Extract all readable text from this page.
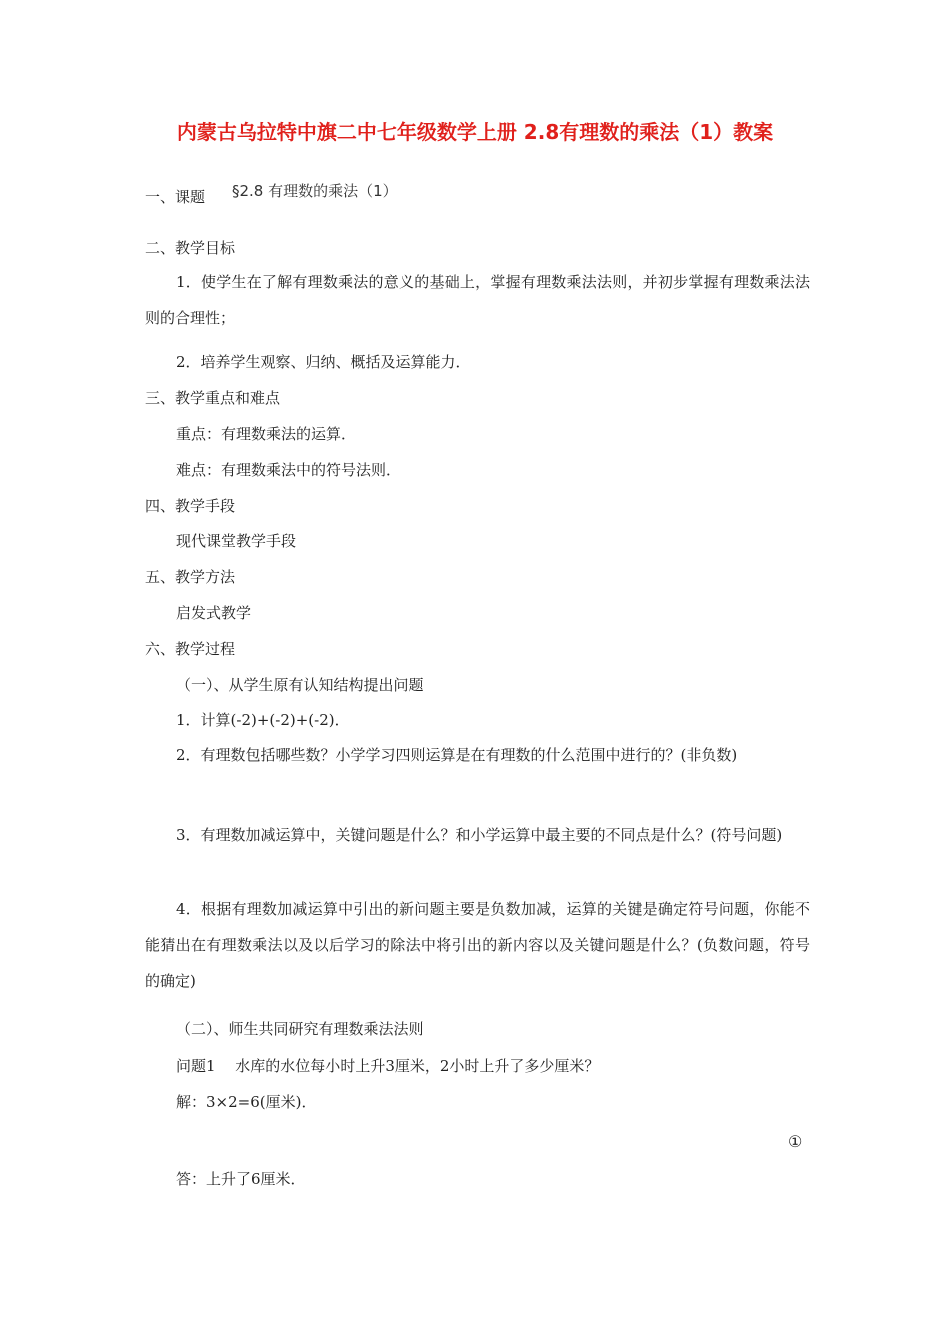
内蒙古乌拉特中旗二中七年级数学上册 2.8有理数的乘法（1）教案
一、课题 §2.8 有理数的乘法（1）
二、教学目标
1．使学生在了解有理数乘法的意义的基础上，掌握有理数乘法法则，并初步掌握有理数乘法法则的合理性；
2．培养学生观察、归纳、概括及运算能力．
三、教学重点和难点
重点：有理数乘法的运算．
难点：有理数乘法中的符号法则．
四、教学手段
现代课堂教学手段
五、教学方法
启发式教学
六、教学过程
（一）、从学生原有认知结构提出问题
1．计算(-2)+(-2)+(-2)．
2．有理数包括哪些数？小学学习四则运算是在有理数的什么范围中进行的？(非负数)
3．有理数加减运算中，关键问题是什么？和小学运算中最主要的不同点是什么？(符号问题)
4．根据有理数加减运算中引出的新问题主要是负数加减，运算的关键是确定符号问题，你能不能猜出在有理数乘法以及以后学习的除法中将引出的新内容以及关键问题是什么？(负数问题，符号的确定)
（二）、师生共同研究有理数乘法法则
问题1　 水库的水位每小时上升3厘米，2小时上升了多少厘米？
解：3×2=6(厘米)．
①
答：上升了6厘米．
